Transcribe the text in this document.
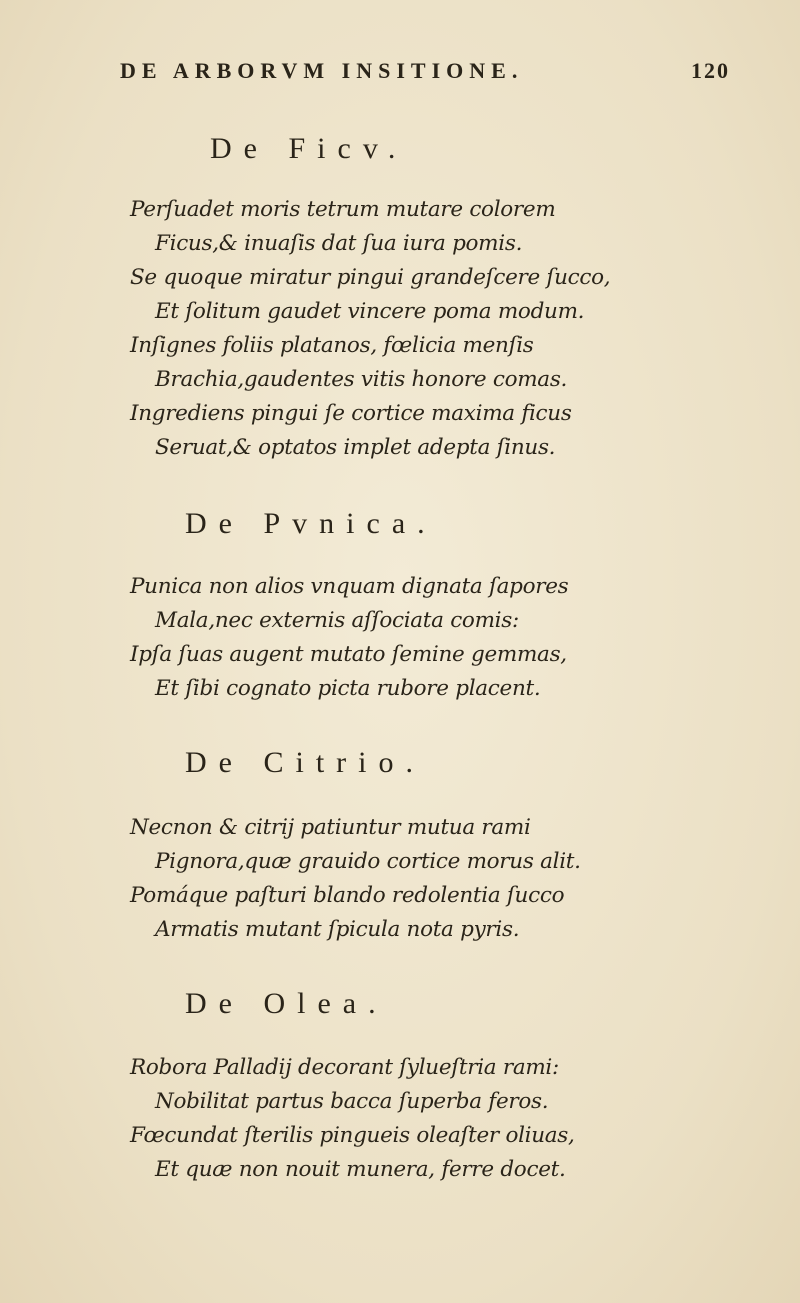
DE ARBORVM INSITIONE.	120
De Ficv.
Perſuadet moris tetrum mutare colorem
Ficus,& inuaſis dat ſua iura pomis.
Se quoque miratur pingui grandeſcere ſucco,
Et ſolitum gaudet vincere poma modum.
Inſignes foliis platanos, fœlicia menſis
Brachia,gaudentes vitis honore comas.
Ingrediens pingui ſe cortice maxima ficus
Seruat,& optatos implet adepta ſinus.
De Pvnica.
Punica non alios vnquam dignata ſapores
Mala,nec externis aſſociata comis:
Ipſa ſuas augent mutato ſemine gemmas,
Et ſibi cognato picta rubore placent.
De Citrio.
Necnon & citrij patiuntur mutua rami
Pignora,quæ grauido cortice morus alit.
Pomáque paſturi blando redolentia ſucco
Armatis mutant ſpicula nota pyris.
De Olea.
Robora Palladij decorant ſylueſtria rami:
Nobilitat partus bacca ſuperba feros.
Fœcundat ſterilis pingueis oleaſter oliuas,
Et quæ non nouit munera, ferre docet.
